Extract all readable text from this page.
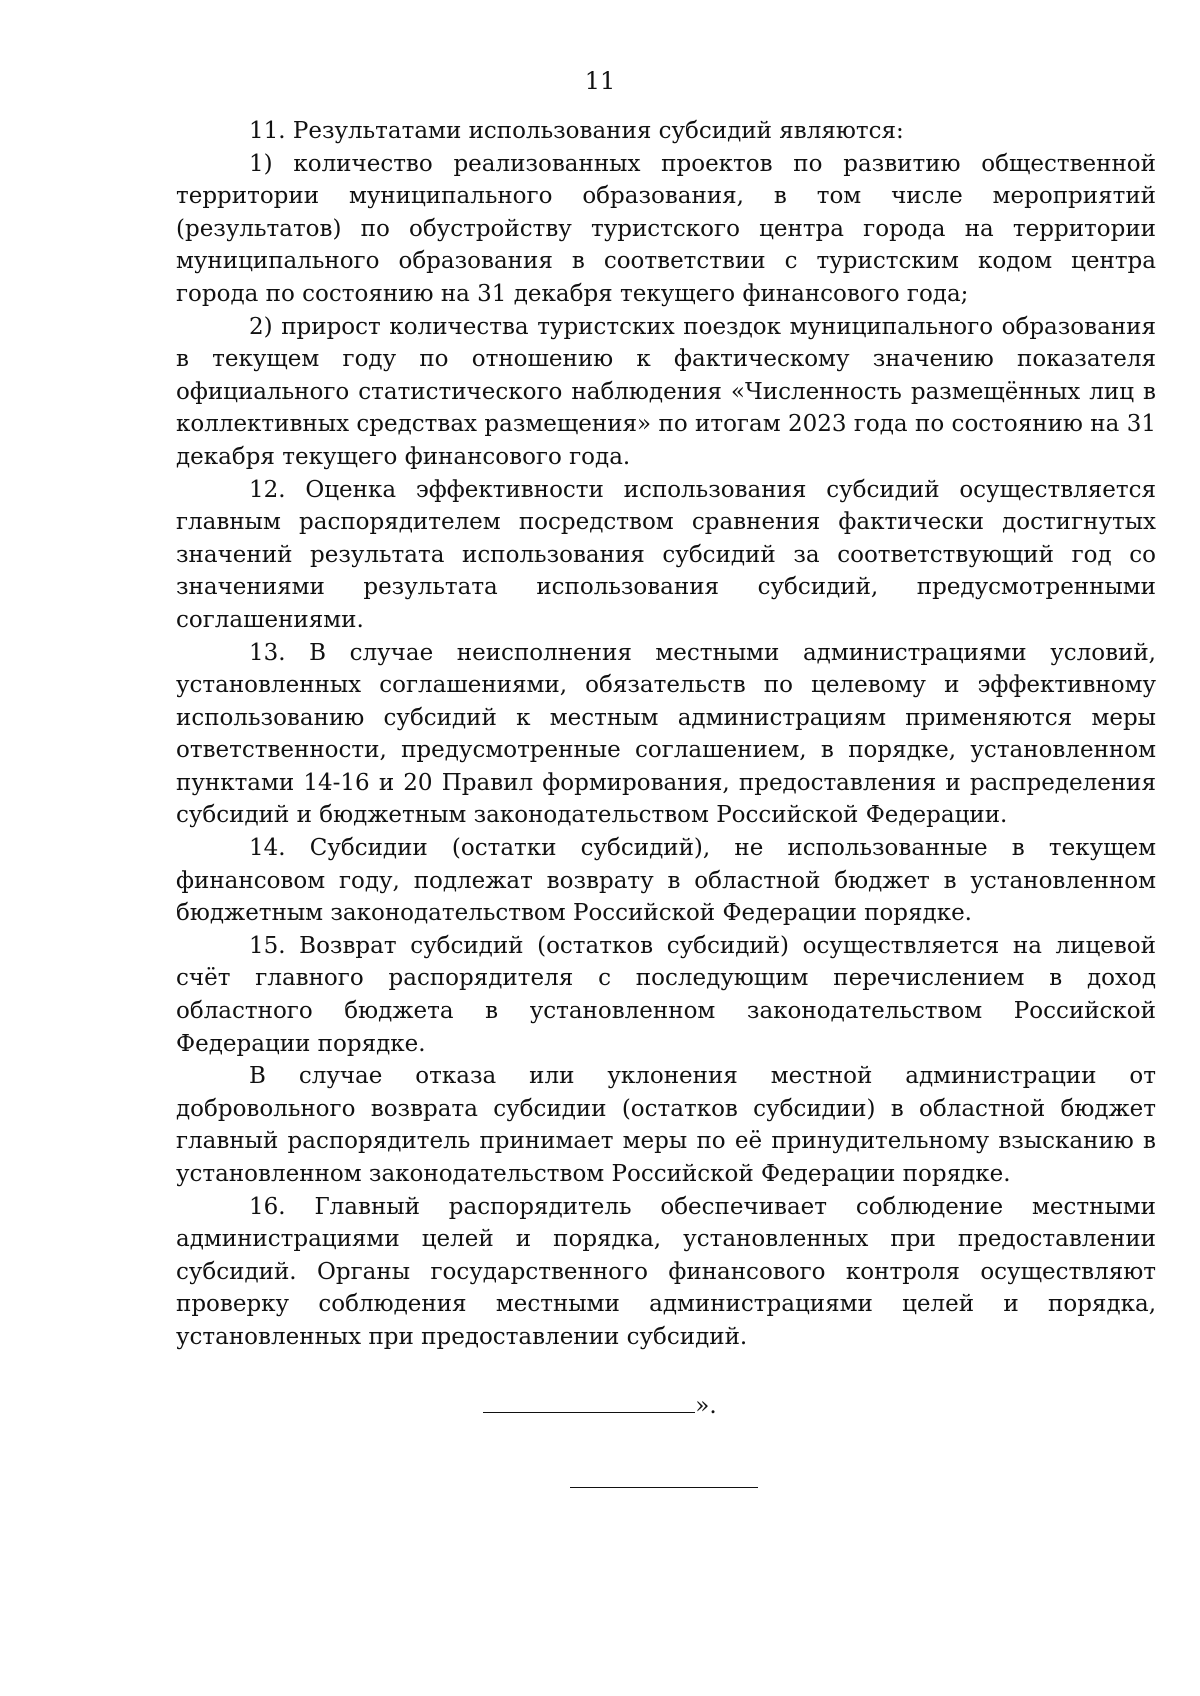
11

11. Результатами использования субсидий являются:

1) количество реализованных проектов по развитию общественной территории муниципального образования, в том числе мероприятий (результатов) по обустройству туристского центра города на территории муниципального образования в соответствии с туристским кодом центра города по состоянию на 31 декабря текущего финансового года;

2) прирост количества туристских поездок муниципального образования в текущем году по отношению к фактическому значению показателя официального статистического наблюдения «Численность размещённых лиц в коллективных средствах размещения» по итогам 2023 года по состоянию на 31 декабря текущего финансового года.

12. Оценка эффективности использования субсидий осуществляется главным распорядителем посредством сравнения фактически достигнутых значений результата использования субсидий за соответствующий год со значениями результата использования субсидий, предусмотренными соглашениями.

13. В случае неисполнения местными администрациями условий, установленных соглашениями, обязательств по целевому и эффективному использованию субсидий к местным администрациям применяются меры ответственности, предусмотренные соглашением, в порядке, установленном пунктами 14-16 и 20 Правил формирования, предоставления и распределения субсидий и бюджетным законодательством Российской Федерации.

14. Субсидии (остатки субсидий), не использованные в текущем финансовом году, подлежат возврату в областной бюджет в установленном бюджетным законодательством Российской Федерации порядке.

15. Возврат субсидий (остатков субсидий) осуществляется на лицевой счёт главного распорядителя с последующим перечислением в доход областного бюджета в установленном законодательством Российской Федерации порядке.

В случае отказа или уклонения местной администрации от добровольного возврата субсидии (остатков субсидии) в областной бюджет главный распорядитель принимает меры по её принудительному взысканию в установленном законодательством Российской Федерации порядке.

16. Главный распорядитель обеспечивает соблюдение местными администрациями целей и порядка, установленных при предоставлении субсидий. Органы государственного финансового контроля осуществляют проверку соблюдения местными администрациями целей и порядка, установленных при предоставлении субсидий.

».
